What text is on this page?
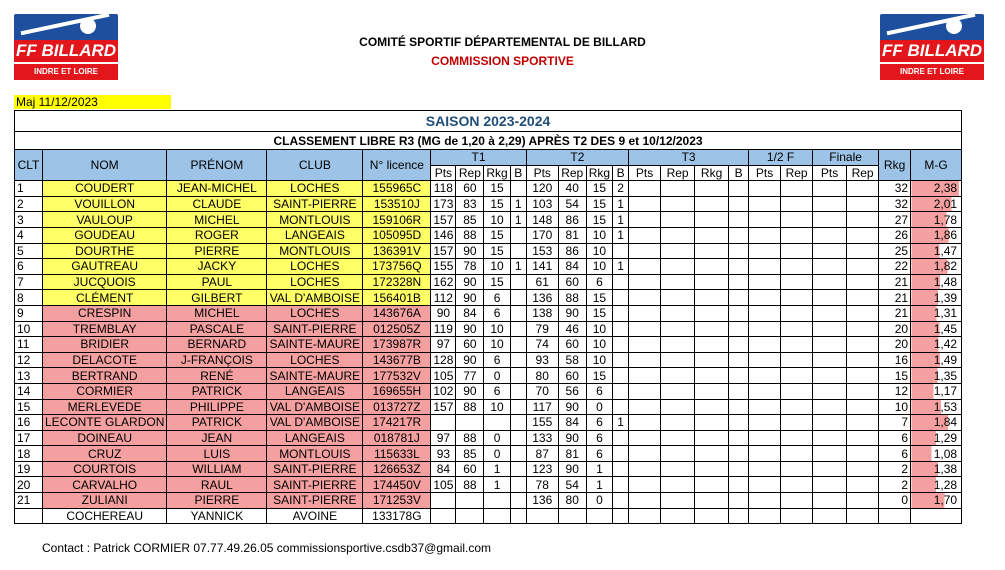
FF BILLARD
INDRE ET LOIRE
FF BILLARD
INDRE ET LOIRE
COMITÉ SPORTIF DÉPARTEMENTAL DE BILLARD
COMMISSION SPORTIVE
Maj 11/12/2023
SAISON 2023-2024																						
CLASSEMENT LIBRE R3 (MG de 1,20 à 2,29) APRÈS T2 DES 9 et 10/12/2023																						
CLT	NOM	PRÉNOM	CLUB	N° licence	T1				T2				T3				1/2 F		Finale		Rkg	M-G
					Pts	Rep	Rkg	B	Pts	Rep	Rkg	B	Pts	Rep	Rkg	B	Pts	Rep	Pts	Rep		
1	COUDERT	JEAN-MICHEL	LOCHES	155965C	118	60	15		120	40	15	2									32	2,38
2	VOUILLON	CLAUDE	SAINT-PIERRE	153510J	173	83	15	1	103	54	15	1									32	2,01
3	VAULOUP	MICHEL	MONTLOUIS	159106R	157	85	10	1	148	86	15	1									27	1,78
4	GOUDEAU	ROGER	LANGEAIS	105095D	146	88	15		170	81	10	1									26	1,86
5	DOURTHE	PIERRE	MONTLOUIS	136391V	157	90	15		153	86	10										25	1,47
6	GAUTREAU	JACKY	LOCHES	173756Q	155	78	10	1	141	84	10	1									22	1,82
7	JUCQUOIS	PAUL	LOCHES	172328N	162	90	15		61	60	6										21	1,48
8	CLÉMENT	GILBERT	VAL D'AMBOISE	156401B	112	90	6		136	88	15										21	1,39
9	CRESPIN	MICHEL	LOCHES	143676A	90	84	6		138	90	15										21	1,31
10	TREMBLAY	PASCALE	SAINT-PIERRE	012505Z	119	90	10		79	46	10										20	1,45
11	BRIDIER	BERNARD	SAINTE-MAURE	173987R	97	60	10		74	60	10										20	1,42
12	DELACOTE	J-FRANÇOIS	LOCHES	143677B	128	90	6		93	58	10										16	1,49
13	BERTRAND	RENÉ	SAINTE-MAURE	177532V	105	77	0		80	60	15										15	1,35
14	CORMIER	PATRICK	LANGEAIS	169655H	102	90	6		70	56	6										12	1,17
15	MERLEVEDE	PHILIPPE	VAL D'AMBOISE	013727Z	157	88	10		117	90	0										10	1,53
16	LECONTE GLARDON	PATRICK	VAL D'AMBOISE	174217R					155	84	6	1									7	1,84
17	DOINEAU	JEAN	LANGEAIS	018781J	97	88	0		133	90	6										6	1,29
18	CRUZ	LUIS	MONTLOUIS	115633L	93	85	0		87	81	6										6	1,08
19	COURTOIS	WILLIAM	SAINT-PIERRE	126653Z	84	60	1		123	90	1										2	1,38
20	CARVALHO	RAUL	SAINT-PIERRE	174450V	105	88	1		78	54	1										2	1,28
21	ZULIANI	PIERRE	SAINT-PIERRE	171253V					136	80	0										0	1,70
	COCHEREAU	YANNICK	AVOINE	133178G																		
Contact : Patrick CORMIER 07.77.49.26.05 commissionsportive.csdb37@gmail.com
